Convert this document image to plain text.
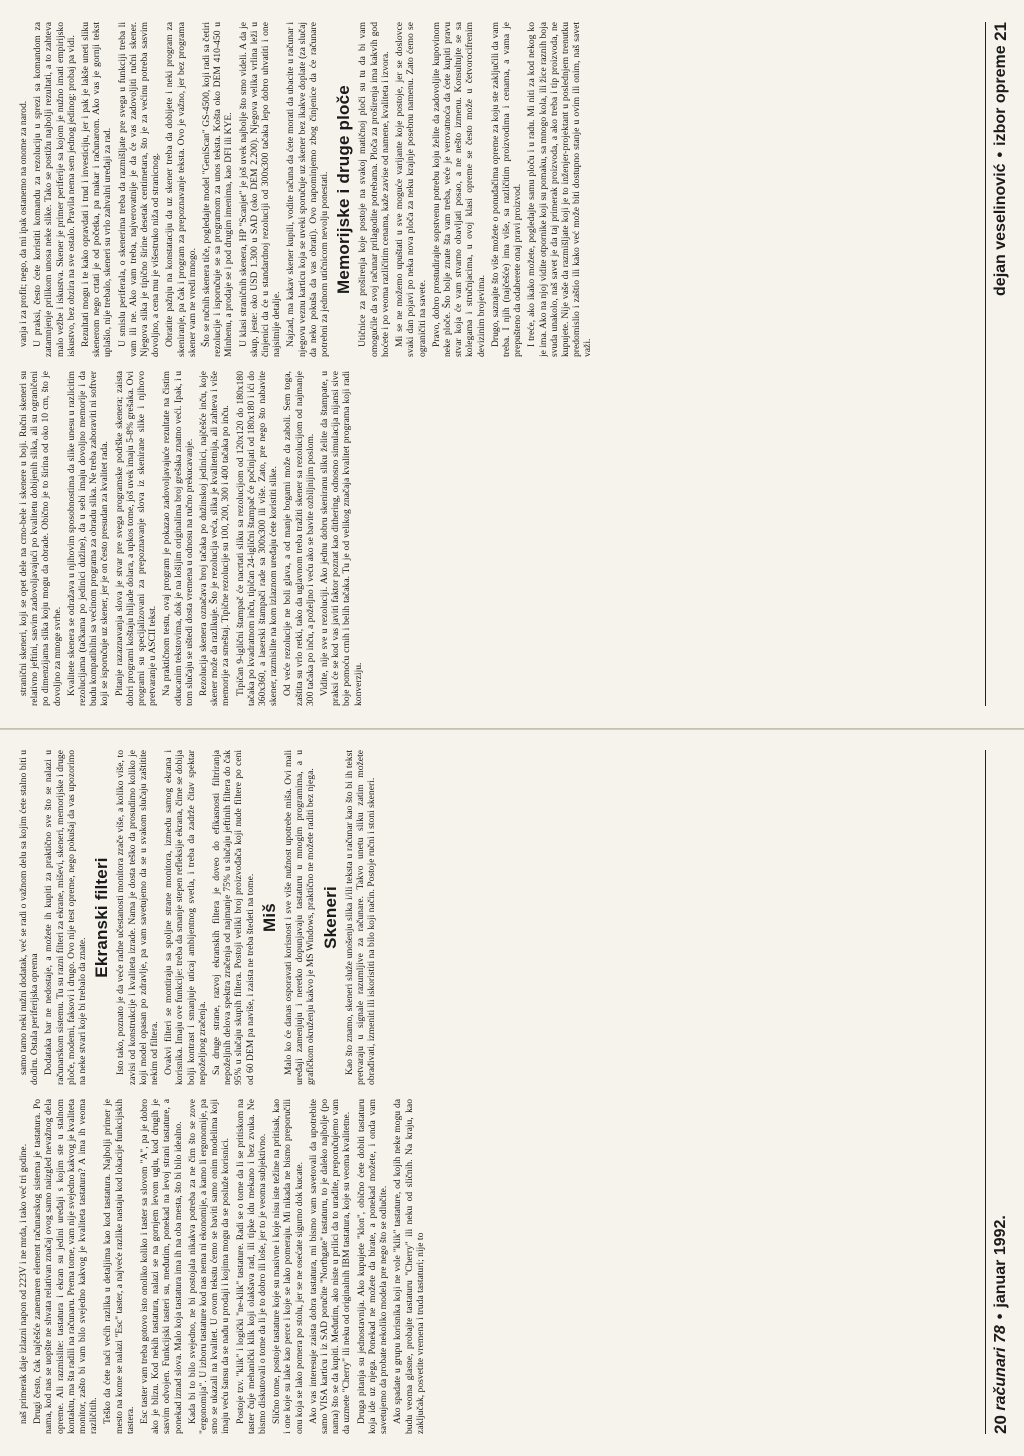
naš primerak daje izlazni napon od 223V i ne mrda, i tako već tri godine. Drugi često, čak najčešće zanemaren element računarskog sistema je tastatura. Po nama, kod nas se uopšte ne shvata relativan značaj ovog samo naizgled nevažnog dela opreme. Ali razmislite: tastatura i ekran su jedini uređaji s kojim ste u stalnom kontaktu, ma šta radili na računaru. Prema tome, vam nije svejedno kakvog je kvaliteta monitor, zašto bi vam bilo svejedno kakvog je kvaliteta tastatura? A ima ih veoma različitih. Teško da ćete naći većih razlika u detaljima kao kod tastatura. Najbolji primer je mesto na kome se nalazi "Esc" taster, a najveće razlike nastaju kod lokacije funkcijskih tastera. Esc taster vam treba gotovo isto onoliko koliko i taster sa slovom "A", pa je dobro ako je blizu. Kod nekih tastatura, nalazi se na gornjem levom uglu, kod drugih je sasvim odvojen. Funkcijski tasteri su, međutim, ponekad na levoj strani tastature, a ponekad iznad slova. Malo koja tastatura ima ih na oba mesta, što bi bilo idealno. Kada bi to bilo svejedno, ne bi postojala nikakva potreba za ne čim što se zove "ergonomija". U izboru tastature kod nas nema ni ekonomije, a kamo li ergonomije, pa smo se ukazali na kvalitet. U ovom tekstu ćemo se baviti samo onim modelima koji imaju veću šansu da se nađu u prodaji i kojima mogu da se posluže korisnici. Postoje tzv. "klik" i logički "ne-klik" tastature. Radi se o tome da li se pritiskom na taster čuje mehanički klik koji olakšava rad, ili tipke idu mekano i bez zvuka. Ne bismo diskutovali o tome da li je to dobro ili loše, jer to je veoma subjektivno. Slično tome, postoje tastature koje su masivne i koje nisu iste težine na pritisak, kao i one koje su lake kao perce i koje se lako pomeraju. Mi nikada ne bismo preporučili onu koja se lako pomera po stolu, jer se ne osećate sigurno dok kucate. Ako vas interesuje zaista dobra tastatura, mi bismo vam savetovali da upotrebite samo VISA karticu i iz SAD poručite "Northgate" tastaturu, to je daleko najbolje (po nama) što se da kupiti. Međutim, ako niste u prilici da to uradite, preporučujemo vam da uzmete "Cherry" ili neku od originalnih IBM tastatura, koje su veoma kvalitetne. Druga pitanja su jednostavnija. Ako kupujete "klon", obično ćete dobiti tastaturu koja ide uz njega. Ponekad ne možete da birate, a ponekad možete, i onda vam savetujemo da probate nekoliko modela pre nego što se odlučite. Ako spadate u grupu korisnika koji ne vole "klik" tastature, od kojih neke mogu da budu veoma glasne, probajte tastaturu "Cherry" ili neku od sličnih. Na kraju, kao zaključak, posvetite vremena i truda tastaturi; nije to

samo tamo neki nužni dodatak, već se radi o važnom delu sa kojim ćete stalno biti u dodiru. Ostala periferijska oprema Dodataka bar ne nedostaje, a možete ih kupiti za praktično sve što se nalazi u računarskom sistemu. Tu su razni filteri za ekrane, miševi, skeneri, memorijske i druge ploče, modemi, faksovi i drugo. Ovo nije test opreme, nego pokušaj da vas upozorimo na neke stvari koje bi trebalo da znate.

Ekranski filteri Isto tako, poznato je da veće radne učestanosti monitora zrače više, a koliko više, to zavisi od konstrukcije i kvaliteta izrade. Nama je dosta teško da prosudimo koliko je koji model opasan po zdravlje, pa vam savetujemo da se u svakom slučaju zaštitite nekim od filtera. Ovakvi filteri se montiraju sa spoljne strane monitora, izmedu samog ekrana i korisnika. Imaju ove funkcije: treba da smanje stepen refleksije ekrana, čime se dobija bolji kontrast i smanjuje uticaj ambijentnog svetla, i treba da zadrže čitav spektar nepoželjnog zračenja. Sa druge strane, razvoj ekranskih filtera je doveo do efikasnosti filtriranja nepoželjnih delova spektra zračenja od najmanje 75% u slučaju jeftinih filtera do čak 95% u slučaju skupih filtera. Postoji veliki broj proizvođača koji nude filtere po ceni od 60 DEM pa naviše, i zaista ne treba štedeti na tome. Miš Malo ko će danas osporavati korisnost i sve više nužnost upotrebe miša. Ovi mali uređaji zamenjuju i neretko dopunjavaju tastaturu u mnogim programima, a u grafičkom okruženju kakvo je MS Windows, praktično ne možete raditi bez njega. Skeneri Kao što znamo, skeneri služe unošenju slika i/ili teksta u računar kao što bi ih tekst pretvaraju u signale razumljive za računare. Takvo unetu sliku zatim možete obrađivati, izmeniti ili iskoristiti na bilo koji način. Postoje ručni i stoni skeneri.

20

računari 78
•
januar 1992.

stranični skeneri, koji se opet dele na crno-bele i skenere u boji. Ručni skeneri su relativno jeftini, sasvim zadovoljavajući po kvalitetu dobijenih slika, ali su ograničeni po dimenzijama slika koju mogu da obrade. Obično je to širina od oko 10 cm, što je dovoljno za mnoge svrhe. Kvalitete skenera se odražava u njihovim sposobnostima da slike unesu u razlicitim rezolucijama (tačkama po jedinici dužine), da u sebi imaju dovoljno memorije i da budu kompatibilni sa većinom programa za obradu slika. Ne treba zaboraviti ni softver koji se isporučuje uz skener, jer je on često presudan za kvalitet rada. Pitanje razaznavanja slova je stvar pre svega programske podrške skenera; zaista dobri programi koštaju hiljade dolara, a upkos tome, još uvek imaju 5-8% grešaka. Ovi programi su specijalizovani za prepoznavanje slova iz skenirane slike i njihovo pretvaranje u ASCII tekst. Na praktičnom testu, ovaj program je pokazao zadovoljavajuće rezultate na čistim otkucanim tekstovima, dok je na lošijim originalima broj grešaka znatno veći. Ipak, i u tom slučaju se uštedi dosta vremena u odnosu na ručno prekucavanje. Rezolucija skenera označava broj tačaka po dužinskoj jedinici, najčešće inču, koje skener može da razlikuje. Što je rezolucija veća, slika je kvalitetnija, ali zahteva i više memorije za smeštaj. Tipične rezolucije su 100, 200, 300 i 400 tačaka po inču. Tipičan 9-iglični štampač će nacrtati sliku sa rezolucijom od 120x120 do 180x180 tačaka po kvadratnom inču, tipičan 24-iglični štampač će počinjati od 180x180 i ići do 360x360, a laserski štampači rade sa 300x300 ili više. Zato, pre nego što nabavite skener, razmislite na kom izlaznom uređaju ćete koristiti slike. Od veće rezolucije ne boli glava, a od manje bogami može da zaboli. Sem toga, zaštita su vrlo retki, tako da uglavnom treba tražiti skener sa rezolucijom od najmanje 300 tačaka po inču, a poželjno i veću ako se bavite ozbiljnijim poslom. Vidite, nije sve u rezoluciji. Ako jednu dobru skeniranu sliku želite da štampate, u praksi će se kod vas javiti faktor poznat kao dithering, odnosno simulacija nijansi sive boje pomoću crnih i belih tačaka. Tu je od velikog značaja kvalitet programa koji radi konverziju.

vanja i za profit; nego, da mi ipak ostanemo na onome za narod. U praksi, često ćete koristiti komandu za rezoluciju u sprezi sa komandom za zatamnjenje prilikom unosa neke slike. Tako se postižu najbolji rezultati, a to zahteva malo vežbe i iskustva. Skener je primer periferije sa kojom je nužno imati empirijsko iskustvo, bez obzira na sve ostalo. Pravila nema sem jednog jedinog: probaj pa vidi. Rezultati mogu i te kako opravdati i trud i investiciju, jer i pak je lakše uneti sliku skenerom nego crtati je od početka, pa makar i računarom. Ako vas je gornji tekst uplašio, nije trebalo, skeneri su vrlo zahvalni uređaji za rad. U smislu periferala, o skenerima treba da razmišljate pre svega u funkciji treba li vam ili ne. Ako vam treba, najverovatnije je da će vas zadovoljiti ručni skener. Njegova slika je tipično širine desetak centimetara, što je za većinu potreba sasvim dovoljno, a cena mu je višestruko niža od stranicnog. Obratite pažnju na konstataciju da uz skener treba da dobijete i neki program za skeniranje, pa čak i program za prepoznavanje teksta. Ovo je važno, jer bez programa skener vam ne vredi mnogo. Što se ručnih skenera tiče, pogledajte model "GeniScan" GS-4500, koji radi sa četiri rezolucije i isporučuje se sa programom za unos teksta. Košta oko DEM 410-450 u Minhenu, a prodaje se i pod drugim imenima, kao DFI ili KYE. U klasi straničnih skenera, HP "Scanjet" je još uvek najbolje što smo videli. A da je skup, jeste: oko USD 1.300 u SAD (oko DEM 2.200). Njegova velika vrlina leži u činjenici da će u standardnoj rezoluciji od 300x300 tačaka lepo dobro uhvatiti i one najsitnije detalje. Najzad, ma kakav skener kupili, vodite računa da ćete morati da ubacite u računar i njegovu veznu karticu koja se uveki sporučuje uz skener bez ikakve doplate (za slučaj da neko pokuša da vas obrati). Ovo napominjemo zbog činjenice da će računare potrebni za jednom utičnicom nevolju ponestati. Memorijske i druge ploče Utičnice za proširenja koje postoje na svakoj matičnoj ploči su tu da bi vam omogućile da svoj računar prilagodite potrebama. Ploča za proširenja ima kakvih god hoćete i po veoma različitim cenama, kaže zavise od namene, kvaliteta i izvora. Mi se ne možemo upuštati u sve moguće varijante koje postoje, jer se doslovce svaki dan pojavi po neka nova ploča za neku krajnje posebnu namenu. Zato ćemo se ograničiti na savete. Pravo, dobro prostudirajte sopstvenu potrebu koju želite da zadovoljite kupovinom neke ploče. Što bolje znate šta vam treba, veće je verovatnoća da ćete kupiti pravu stvar koja će vam stvarno obavljati posao, a ne nešto izmenu. Konsultujte se sa kolegama i stručnjacima, u ovoj klasi opreme se često može u četvorocifrenim devizinim brojevima. Drugo, saznajte što više možete o ponuđačima opreme za koju ste zaključili da vam treba. I njih (najčešće) ima više, sa različitim proizvodima i cenama, a vama je prepušteno da odaberete onaj pravi proizvod. I treće, ako ikako možete, pogledajte samu ploču i u radu. Mi niti za kod nekog ko je ima. Ako na njoj vidite otpornike koji su pomaku, sa mnogo kola, ili žice raznih boja svuda unakolo, naš savet je da taj primerak proizvoda, a ako treba i tip proizvoda, ne kupujete. Nije vaše da razmišljate koji je to inženjer-projektant u poslednjem trenutku predomislio i zaštio ili kako već može biti dostupno stanje u ovim ili onim, naš savet važi.

dejan veselinović
•
izbor opreme

21
